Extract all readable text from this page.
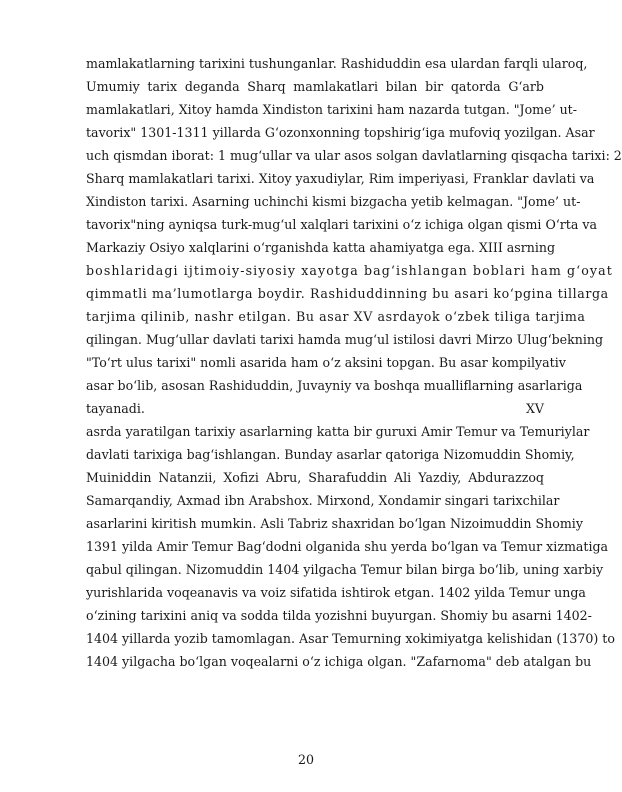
mamlakatlarning tarixini tushunganlar. Rashiduddin esa ulardan farqli ularoq,
Umumiy tarix deganda Sharq mamlakatlari bilan bir qatorda G‘arb
mamlakatlari, Xitoy hamda Xindiston tarixini ham nazarda tutgan. "Jome’ ut-
tavorix" 1301-1311 yillarda G‘ozonxonning topshirig‘iga mufoviq yozilgan. Asar
uch qismdan iborat: 1 mug‘ullar va ular asos solgan davlatlarning qisqacha tarixi: 2
Sharq mamlakatlari tarixi. Xitoy yaxudiylar, Rim imperiyasi, Franklar davlati va
Xindiston tarixi. Asarning uchinchi kismi bizgacha yetib kelmagan. "Jome’ ut-
tavorix"ning ayniqsa turk-mug‘ul xalqlari tarixini o‘z ichiga olgan qismi O‘rta va
Markaziy Osiyo xalqlarini o‘rganishda katta ahamiyatga ega. XIII asrning
boshlaridagi ijtimoiy-siyosiy xayotga bag‘ishlangan boblari ham g‘oyat
qimmatli ma’lumotlarga boydir. Rashiduddinning bu asari ko‘pgina tillarga
tarjima qilinib, nashr etilgan. Bu asar XV asrdayok o‘zbek tiliga tarjima
qilingan. Mug‘ullar davlati tarixi hamda mug‘ul istilosi davri Mirzo Ulug‘bekning
"To‘rt ulus tarixi" nomli asarida ham o‘z aksini topgan. Bu asar kompilyativ
asar bo‘lib, asosan Rashiduddin, Juvayniy va boshqa mualliflarning asarlariga
tayanadi. XV
asrda yaratilgan tarixiy asarlarning katta bir guruxi Amir Temur va Temuriylar
davlati tarixiga bag‘ishlangan. Bunday asarlar qatoriga Nizomuddin Shomiy,
Muiniddin Natanzii, Xofizi Abru, Sharafuddin Ali Yazdiy, Abdurazzoq
Samarqandiy, Axmad ibn Arabshox. Mirxond, Xondamir singari tarixchilar
asarlarini kiritish mumkin. Asli Tabriz shaxridan bo‘lgan Nizoimuddin Shomiy
1391 yilda Amir Temur Bag‘dodni olganida shu yerda bo‘lgan va Temur xizmatiga
qabul qilingan. Nizomuddin 1404 yilgacha Temur bilan birga bo‘lib, uning xarbiy
yurishlarida voqeanavis va voiz sifatida ishtirok etgan. 1402 yilda Temur unga
o‘zining tarixini aniq va sodda tilda yozishni buyurgan. Shomiy bu asarni 1402-
1404 yillarda yozib tamomlagan. Asar Temurning xokimiyatga kelishidan (1370) to
1404 yilgacha bo‘lgan voqealarni o‘z ichiga olgan. "Zafarnoma" deb atalgan bu
20
